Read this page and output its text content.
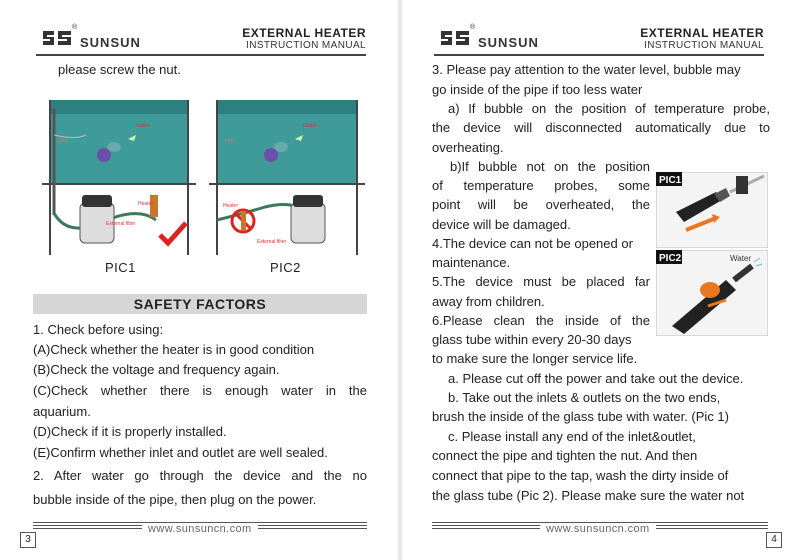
®
SUNSUN
EXTERNAL HEATER
INSTRUCTION MANUAL
please screw the nut.
Inlet
Outlet
Heater
External filter
PIC1
Inlet
Outlet
Heater
External filter
PIC2
SAFETY FACTORS
1. Check before using:
(A)Check whether the heater is in good condition
(B)Check the voltage and frequency again.
(C)Check whether there is enough water in the
aquarium.
(D)Check if it is properly installed.
(E)Confirm whether inlet and outlet are well sealed.
2. After water go through the device and the no
bubble inside of the pipe, then plug on the power.
www.sunsuncn.com
3
®
SUNSUN
EXTERNAL HEATER
INSTRUCTION MANUAL
3. Please pay attention to the water level, bubble may
go inside of the pipe if too less water
a) If bubble on the position of temperature probe,
the device will disconnected automatically due to
overheating.
b)If bubble not on the position
of temperature probes, some
point will be overheated, the
device will be damaged.
4.The device can not be opened or
maintenance.
5.The device must be placed far
away from children.
6.Please clean the inside of the
glass tube within every 20-30 days
to make sure the longer service life.
PIC1
PIC2	Water
a. Please cut off the power and take out the device.
b. Take out the inlets & outlets on the two ends,
brush the inside of the glass tube with water. (Pic 1)
c. Please install any end of the inlet&outlet,
connect the pipe and tighten the nut. And then
connect that pipe to the tap, wash the dirty inside of
the glass tube (Pic 2). Please make sure the water not
www.sunsuncn.com
4
